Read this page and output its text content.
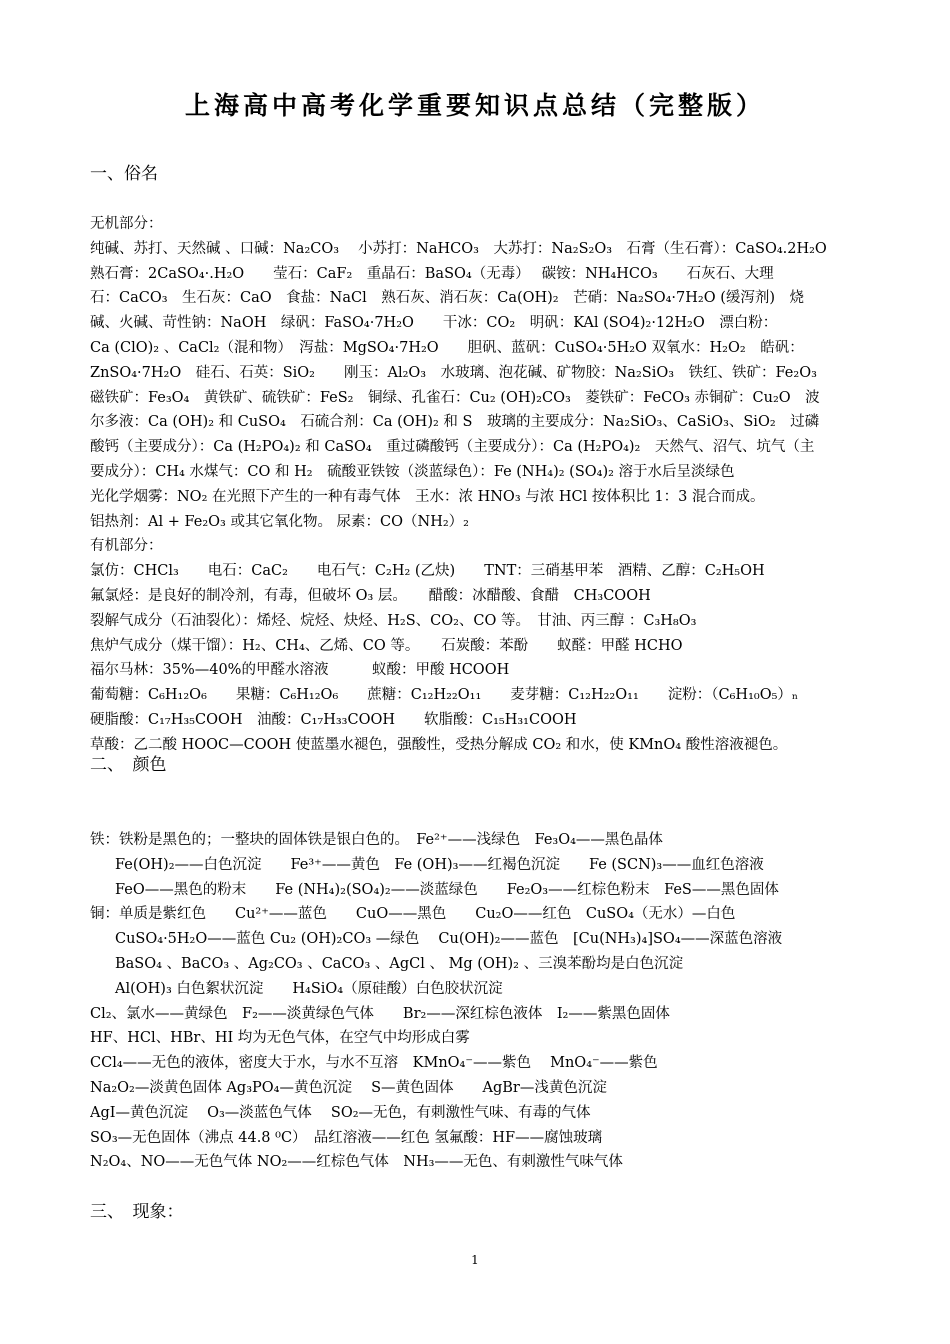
上海高中高考化学重要知识点总结（完整版）
一、俗名
无机部分：
纯碱、苏打、天然碱 、口碱：Na₂CO₃　 小苏打：NaHCO₃　大苏打：Na₂S₂O₃　石膏（生石膏）：CaSO₄.2H₂O
熟石膏：2CaSO₄·.H₂O　　莹石：CaF₂　重晶石：BaSO₄（无毒）　 碳铵：NH₄HCO₃　　石灰石、大理
石：CaCO₃　生石灰：CaO　食盐：NaCl　熟石灰、消石灰：Ca(OH)₂　芒硝：Na₂SO₄·7H₂O (缓泻剂)　烧
碱、火碱、苛性钠：NaOH　绿矾：FaSO₄·7H₂O　　干冰：CO₂　明矾：KAl (SO4)₂·12H₂O　漂白粉：
Ca (ClO)₂ 、CaCl₂（混和物）　泻盐：MgSO₄·7H₂O　　胆矾、蓝矾：CuSO₄·5H₂O 双氧水：H₂O₂　皓矾：
ZnSO₄·7H₂O　硅石、石英：SiO₂　　刚玉：Al₂O₃　水玻璃、泡花碱、矿物胶：Na₂SiO₃　铁红、铁矿：Fe₂O₃
磁铁矿：Fe₃O₄　黄铁矿、硫铁矿：FeS₂　铜绿、孔雀石：Cu₂ (OH)₂CO₃　菱铁矿：FeCO₃ 赤铜矿：Cu₂O　波
尔多液：Ca (OH)₂ 和 CuSO₄　石硫合剂：Ca (OH)₂ 和 S　玻璃的主要成分：Na₂SiO₃、CaSiO₃、SiO₂　过磷
酸钙（主要成分）：Ca (H₂PO₄)₂ 和 CaSO₄　重过磷酸钙（主要成分）：Ca (H₂PO₄)₂　天然气、沼气、坑气（主
要成分）：CH₄ 水煤气：CO 和 H₂　硫酸亚铁铵（淡蓝绿色）：Fe (NH₄)₂ (SO₄)₂ 溶于水后呈淡绿色
光化学烟雾：NO₂ 在光照下产生的一种有毒气体　王水：浓 HNO₃ 与浓 HCl 按体积比 1：3 混合而成。
铝热剂：Al + Fe₂O₃ 或其它氧化物。 尿素：CO（NH₂）₂
有机部分：
氯仿：CHCl₃　　电石：CaC₂　　电石气：C₂H₂ (乙炔)　　TNT：三硝基甲苯　酒精、乙醇：C₂H₅OH
氟氯烃：是良好的制冷剂，有毒，但破坏 O₃ 层。　　醋酸：冰醋酸、食醋　CH₃COOH
裂解气成分（石油裂化）：烯烃、烷烃、炔烃、H₂S、CO₂、CO 等。　甘油、丙三醇 ：C₃H₈O₃
焦炉气成分（煤干馏）：H₂、CH₄、乙烯、CO 等。　　石炭酸：苯酚　　蚁醛：甲醛 HCHO
福尔马林：35%—40%的甲醛水溶液　　　蚁酸：甲酸 HCOOH
葡萄糖：C₆H₁₂O₆　　果糖：C₆H₁₂O₆　　蔗糖：C₁₂H₂₂O₁₁　　麦芽糖：C₁₂H₂₂O₁₁　　淀粉：（C₆H₁₀O₅）ₙ
硬脂酸：C₁₇H₃₅COOH　油酸：C₁₇H₃₃COOH　　软脂酸：C₁₅H₃₁COOH
草酸：乙二酸 HOOC—COOH 使蓝墨水褪色，强酸性，受热分解成 CO₂ 和水，使 KMnO₄ 酸性溶液褪色。
二、　颜色
铁：铁粉是黑色的；一整块的固体铁是银白色的。　Fe²⁺——浅绿色　Fe₃O₄——黑色晶体
Fe(OH)₂——白色沉淀　　Fe³⁺——黄色　Fe (OH)₃——红褐色沉淀　　Fe (SCN)₃——血红色溶液
FeO——黑色的粉末　　Fe (NH₄)₂(SO₄)₂——淡蓝绿色　　Fe₂O₃——红棕色粉末　FeS——黑色固体
铜：单质是紫红色　　Cu²⁺——蓝色　　CuO——黑色　　Cu₂O——红色　CuSO₄（无水）—白色
CuSO₄·5H₂O——蓝色 Cu₂ (OH)₂CO₃ —绿色　 Cu(OH)₂——蓝色　[Cu(NH₃)₄]SO₄——深蓝色溶液
BaSO₄ 、BaCO₃ 、Ag₂CO₃ 、CaCO₃ 、AgCl 、 Mg (OH)₂ 、三溴苯酚均是白色沉淀
Al(OH)₃ 白色絮状沉淀　　H₄SiO₄（原硅酸）白色胶状沉淀
Cl₂、氯水——黄绿色　F₂——淡黄绿色气体　　Br₂——深红棕色液体　I₂——紫黑色固体
HF、HCl、HBr、HI 均为无色气体，在空气中均形成白雾
CCl₄——无色的液体，密度大于水，与水不互溶　KMnO₄⁻——紫色　 MnO₄⁻——紫色
Na₂O₂—淡黄色固体 Ag₃PO₄—黄色沉淀　 S—黄色固体　　AgBr—浅黄色沉淀
AgI—黄色沉淀　 O₃—淡蓝色气体　 SO₂—无色，有刺激性气味、有毒的气体
SO₃—无色固体（沸点 44.8 ⁰C）　品红溶液——红色 氢氟酸：HF——腐蚀玻璃
N₂O₄、NO——无色气体 NO₂——红棕色气体　NH₃——无色、有刺激性气味气体
三、　现象：
1
